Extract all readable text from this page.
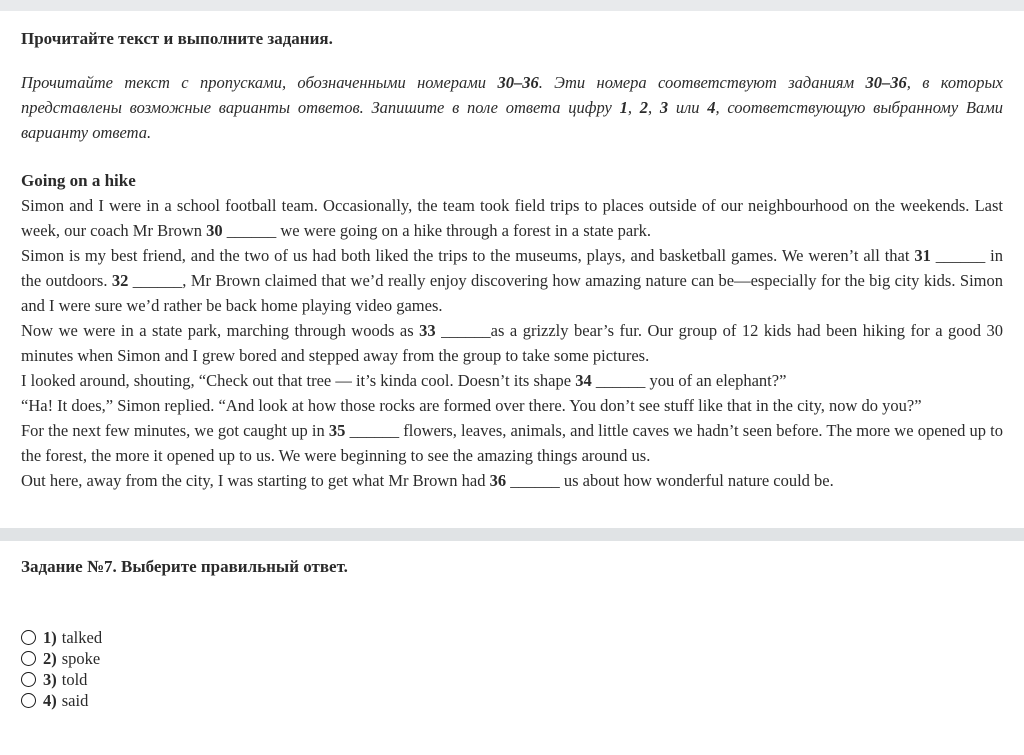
Прочитайте текст и выполните задания.
Прочитайте текст с пропусками, обозначенными номерами 30–36. Эти номера соответствуют заданиям 30–36, в которых представлены возможные варианты ответов. Запишите в поле ответа цифру 1, 2, 3 или 4, соответствующую выбранному Вами варианту ответа.
Going on a hike

Simon and I were in a school football team. Occasionally, the team took field trips to places outside of our neighbourhood on the weekends. Last week, our coach Mr Brown 30 ______ we were going on a hike through a forest in a state park.

Simon is my best friend, and the two of us had both liked the trips to the museums, plays, and basketball games. We weren’t all that 31 ______ in the outdoors. 32 ______, Mr Brown claimed that we’d really enjoy discovering how amazing nature can be—especially for the big city kids. Simon and I were sure we’d rather be back home playing video games.

Now we were in a state park, marching through woods as 33 ______as a grizzly bear’s fur. Our group of 12 kids had been hiking for a good 30 minutes when Simon and I grew bored and stepped away from the group to take some pictures.

I looked around, shouting, “Check out that tree — it’s kinda cool. Doesn’t its shape 34 ______ you of an elephant?”

“Ha! It does,” Simon replied. “And look at how those rocks are formed over there. You don’t see stuff like that in the city, now do you?”

For the next few minutes, we got caught up in 35 ______ flowers, leaves, animals, and little caves we hadn’t seen before. The more we opened up to the forest, the more it opened up to us. We were beginning to see the amazing things around us.

Out here, away from the city, I was starting to get what Mr Brown had 36 ______ us about how wonderful nature could be.

Задание №7. Выберите правильный ответ.
1) talked
2) spoke
3) told
4) said
